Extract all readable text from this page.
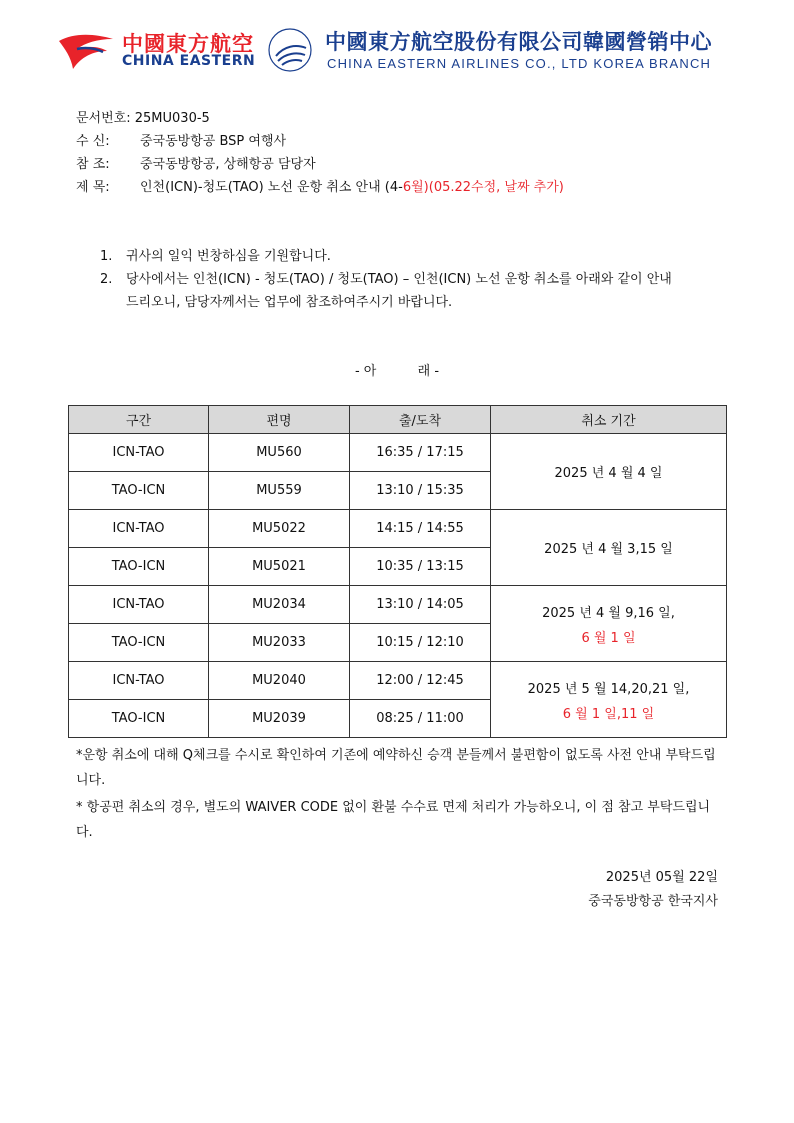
中國東方航空
CHINA EASTERN
中國東方航空股份有限公司韓國營销中心
CHINA EASTERN AIRLINES CO., LTD KOREA BRANCH
문서번호: 25MU030-5
수 신: 중국동방항공 BSP 여행사
참 조: 중국동방항공, 상해항공 담당자
제 목: 인천(ICN)-청도(TAO) 노선 운항 취소 안내 (4-6월)(05.22수정, 날짜 추가)
1. 귀사의 일익 번창하심을 기원합니다.
2. 당사에서는 인천(ICN) - 청도(TAO) / 청도(TAO) – 인천(ICN) 노선 운항 취소를 아래와 같이 안내
드리오니, 담당자께서는 업무에 참조하여주시기 바랍니다.
- 아          래 -
구간	편명	출/도착	취소 기간
ICN-TAO	MU560	16:35 / 17:15	2025 년 4 월 4 일

TAO-ICN	MU559	13:10 / 15:35	
ICN-TAO	MU5022	14:15 / 14:55	2025 년 4 월 3,15 일

TAO-ICN	MU5021	10:35 / 13:15	
ICN-TAO	MU2034	13:10 / 14:05	2025 년 4 월 9,16 일,
6 월 1 일

TAO-ICN	MU2033	10:15 / 12:10	
ICN-TAO	MU2040	12:00 / 12:45	2025 년 5 월 14,20,21 일,
6 월 1 일,11 일

TAO-ICN	MU2039	08:25 / 11:00	
*운항 취소에 대해 Q체크를 수시로 확인하여 기존에 예약하신 승객 분들께서 불편함이 없도록 사전 안내 부탁드립니다.
* 항공편 취소의 경우, 별도의 WAIVER CODE 없이 환불 수수료 면제 처리가 가능하오니, 이 점 참고 부탁드립니다.
2025년 05월 22일
중국동방항공 한국지사
